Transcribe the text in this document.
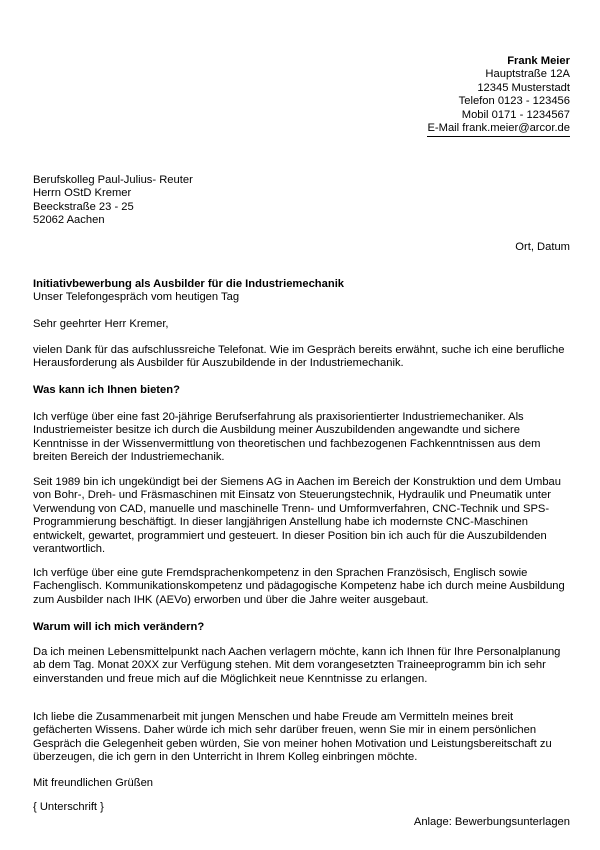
Frank Meier
Hauptstraße 12A
12345 Musterstadt
Telefon 0123 - 123456
Mobil 0171 - 1234567
E-Mail frank.meier@arcor.de
Berufskolleg Paul-Julius- Reuter
Herrn OStD Kremer
Beeckstraße 23 - 25
52062 Aachen
Ort, Datum
Initiativbewerbung als Ausbilder für die Industriemechanik
Unser Telefongespräch vom heutigen Tag

Sehr geehrter Herr Kremer,

vielen Dank für das aufschlussreiche Telefonat. Wie im Gespräch bereits erwähnt, suche ich eine berufliche Herausforderung als Ausbilder für Auszubildende in der Industriemechanik.

Was kann ich Ihnen bieten?

Ich verfüge über eine fast 20-jährige Berufserfahrung als praxisorientierter Industriemechaniker. Als Industriemeister besitze ich durch die Ausbildung meiner Auszubildenden angewandte und sichere Kenntnisse in der Wissenvermittlung von theoretischen und fachbezogenen Fachkenntnissen aus dem breiten Bereich der Industriemechanik.

Seit 1989 bin ich ungekündigt bei der Siemens AG in Aachen im Bereich der Konstruktion und dem Umbau von Bohr-, Dreh- und Fräsmaschinen mit Einsatz von Steuerungstechnik, Hydraulik und Pneumatik unter Verwendung von CAD, manuelle und maschinelle Trenn- und Umformverfahren, CNC-Technik und SPS-Programmierung beschäftigt. In dieser langjährigen Anstellung habe ich modernste CNC-Maschinen entwickelt, gewartet, programmiert und gesteuert. In dieser Position bin ich auch für die Auszubildenden verantwortlich.

Ich verfüge über eine gute Fremdsprachenkompetenz in den Sprachen Französisch, Englisch sowie Fachenglisch. Kommunikationskompetenz und pädagogische Kompetenz habe ich durch meine Ausbildung zum Ausbilder nach IHK (AEVo) erworben und über die Jahre weiter ausgebaut.

Warum will ich mich verändern?

Da ich meinen Lebensmittelpunkt nach Aachen verlagern möchte, kann ich Ihnen für Ihre Personalplanung ab dem Tag. Monat 20XX zur Verfügung stehen. Mit dem vorangesetzten Traineeprogramm bin ich sehr einverstanden und freue mich auf die Möglichkeit neue Kenntnisse zu erlangen.

Ich liebe die Zusammenarbeit mit jungen Menschen und habe Freude am Vermitteln meines breit gefächerten Wissens. Daher würde ich mich sehr darüber freuen, wenn Sie mir in einem persönlichen Gespräch die Gelegenheit geben würden, Sie von meiner hohen Motivation und Leistungsbereitschaft zu überzeugen, die ich gern in den Unterricht in Ihrem Kolleg einbringen möchte.

Mit freundlichen Grüßen

{ Unterschrift }

Anlage: Bewerbungsunterlagen
